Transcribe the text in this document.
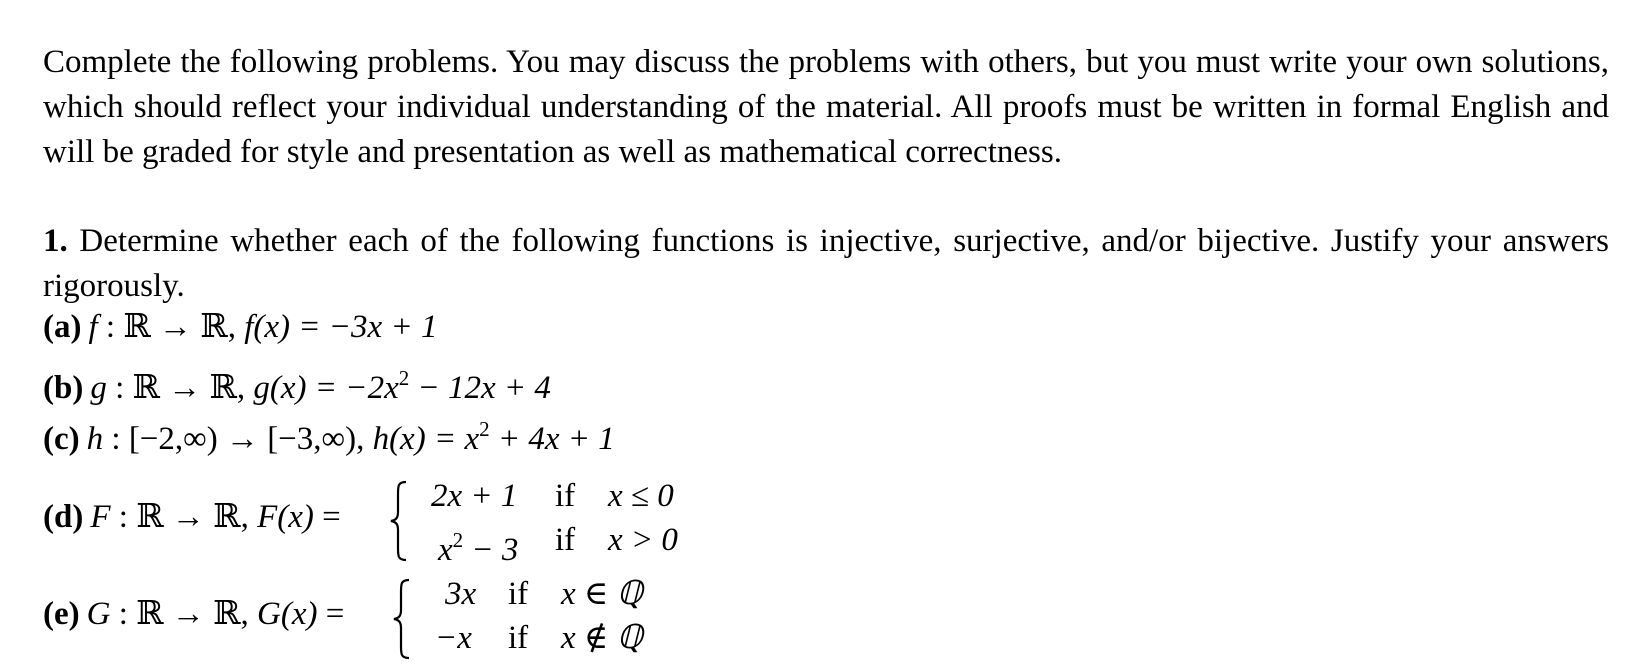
Complete the following problems. You may discuss the problems with others, but you must write your own solutions, which should reflect your individual understanding of the material. All proofs must be written in formal English and will be graded for style and presentation as well as mathematical correctness.

1. Determine whether each of the following functions is injective, surjective, and/or bijective. Justify your answers rigorously.

(a) f : ℝ → ℝ, f(x) = −3x + 1
(b) g : ℝ → ℝ, $g(x) = -2x^2 - 12x + 4$
(c) h : [−2,∞) → [−3,∞), $h(x) = x^2 + 4x + 1$
(d) F : ℝ → ℝ, F(x) =
2x + 1 if x ≤ 0
$x^2 - 3$ if x > 0
(e) G : ℝ → ℝ, G(x) =
3x if x ∈ ℚ
−x if x ∉ ℚ
